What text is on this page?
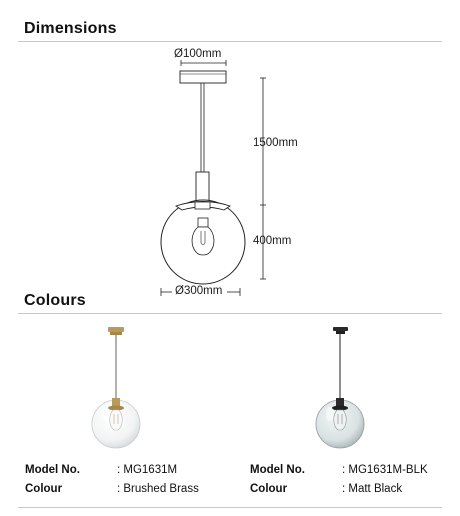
Dimensions
Ø100mm
1500mm
400mm
Ø300mm
Colours
Model No.	: MG1631M
Colour	: Brushed Brass
Model No.	: MG1631M-BLK
Colour	: Matt Black
